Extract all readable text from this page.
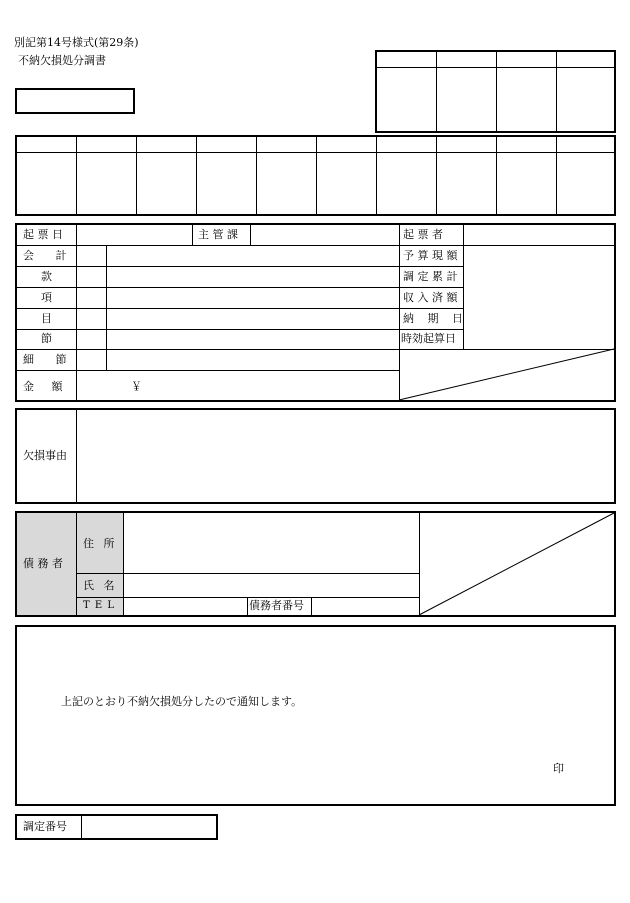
別記第14号様式(第29条)
不納欠損処分調書
起 票 日	主 管 課	起 票 者
会 計	予 算 現 額
款	調 定 累 計
項	収 入 済 額
目	納 期 日
節	時効起算日
細 節
金 額	￥
欠損事由
債 務 者
住 所
氏 名
T E L	債務者番号
上記のとおり不納欠損処分したので通知します。
印
調定番号
